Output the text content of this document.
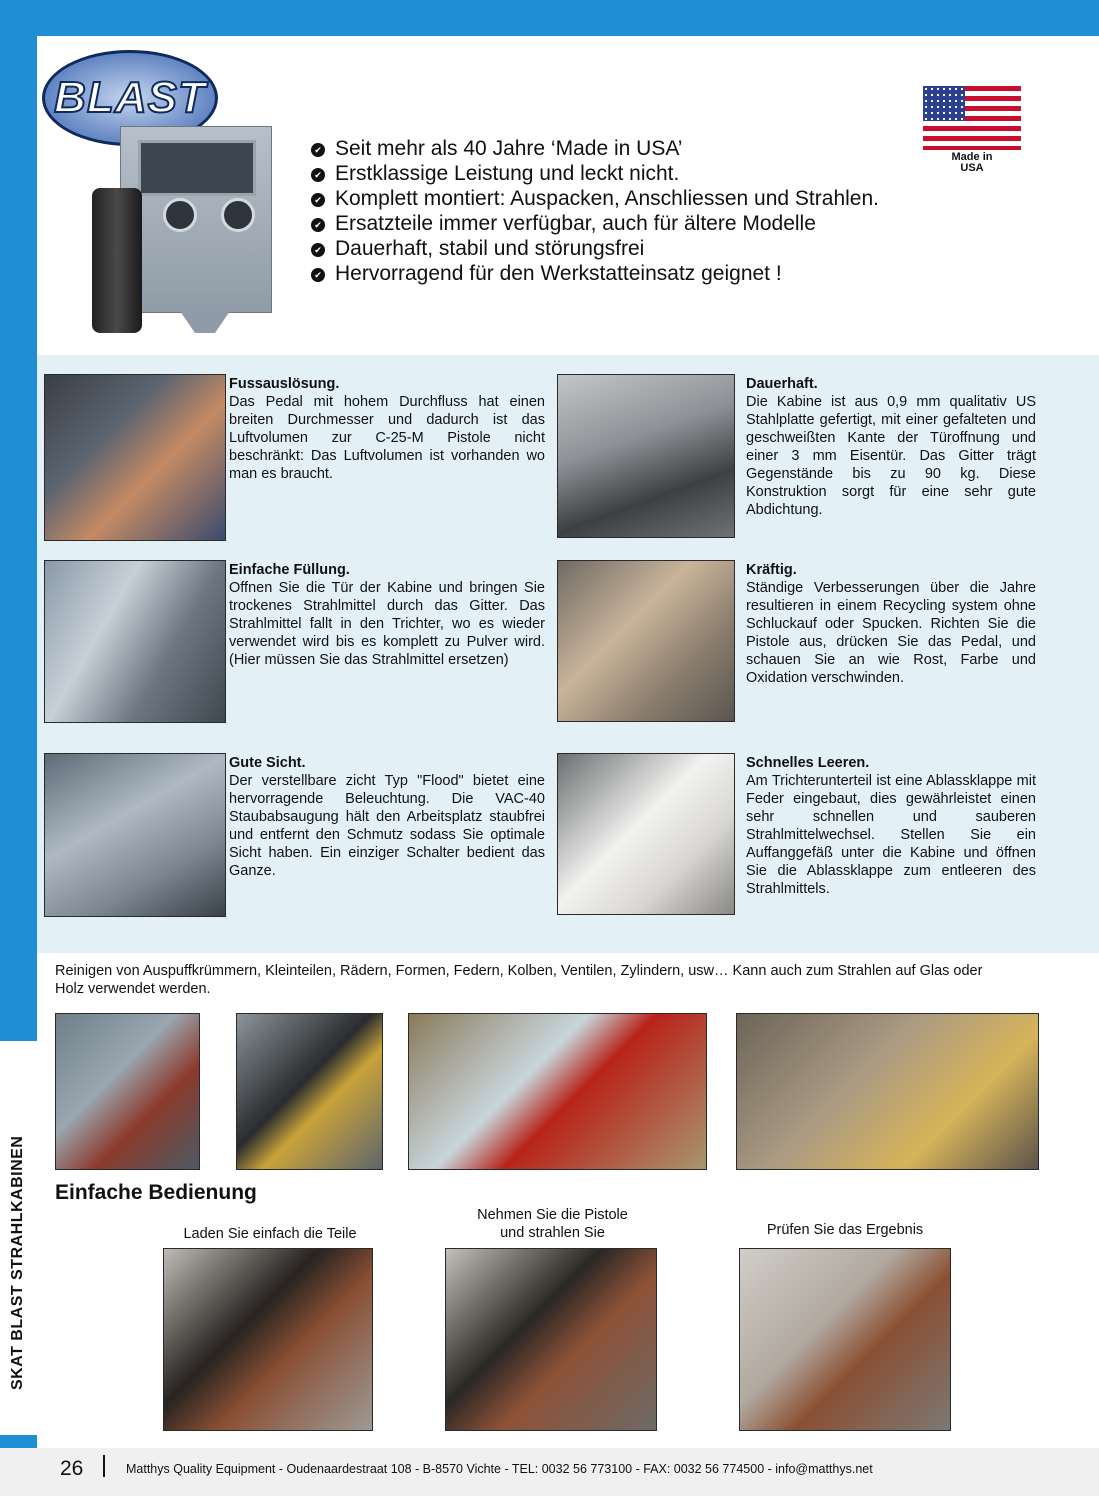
SKAT BLAST STRAHLKABINEN
BLAST
Made in
USA
✔ Seit mehr als 40 Jahre ‘Made in USA’
✔ Erstklassige Leistung und leckt nicht.
✔ Komplett montiert: Auspacken, Anschliessen und Strahlen.
✔ Ersatzteile immer verfügbar, auch für ältere Modelle
✔ Dauerhaft, stabil und störungsfrei
✔ Hervorragend für den Werkstatteinsatz geignet !
Fussauslösung.
Das Pedal mit hohem Durchfluss hat einen breiten Durchmesser und dadurch ist das Luftvolumen zur C-25-M Pistole nicht beschränkt: Das Luftvolumen ist vorhanden wo man es braucht.
Dauerhaft.
Die Kabine ist aus 0,9 mm qualitativ US Stahlplatte gefertigt, mit einer gefalteten und geschweißten Kante der Türoffnung und einer 3 mm Eisentür. Das Gitter trägt Gegenstände bis zu 90 kg. Diese Konstruktion sorgt für eine sehr gute Abdichtung.
Einfache Füllung.
Offnen Sie die Tür der Kabine und bringen Sie trockenes Strahlmittel durch das Gitter. Das Strahlmittel fallt in den Trichter, wo es wieder verwendet wird bis es komplett zu Pulver wird. (Hier müssen Sie das Strahlmittel ersetzen)
Kräftig.
Ständige Verbesserungen über die Jahre resultieren in einem Recycling system ohne Schluckauf oder Spucken. Richten Sie die Pistole aus, drücken Sie das Pedal, und schauen Sie an wie Rost, Farbe und Oxidation verschwinden.
Gute Sicht.
Der verstellbare zicht Typ "Flood" bietet eine hervorragende Beleuchtung. Die VAC-40 Staubabsaugung hält den Arbeitsplatz staubfrei und entfernt den Schmutz sodass Sie optimale Sicht haben. Ein einziger Schalter bedient das Ganze.
Schnelles Leeren.
Am Trichterunterteil ist eine Ablassklappe mit Feder eingebaut, dies gewährleistet einen sehr schnellen und sauberen Strahlmittelwechsel. Stellen Sie ein Auffanggefäß unter die Kabine und öffnen Sie die Ablassklappe zum entleeren des Strahlmittels.
Reinigen von Auspuffkrümmern, Kleinteilen, Rädern, Formen, Federn, Kolben, Ventilen, Zylindern, usw… Kann auch zum Strahlen auf Glas oder Holz verwendet werden.
Einfache Bedienung
Laden Sie einfach die Teile
Nehmen Sie die Pistole
und strahlen Sie	Prüfen Sie das Ergebnis
26	Matthys Quality Equipment - Oudenaardestraat 108 - B-8570 Vichte - TEL: 0032 56 773100 - FAX: 0032 56 774500 - info@matthys.net
